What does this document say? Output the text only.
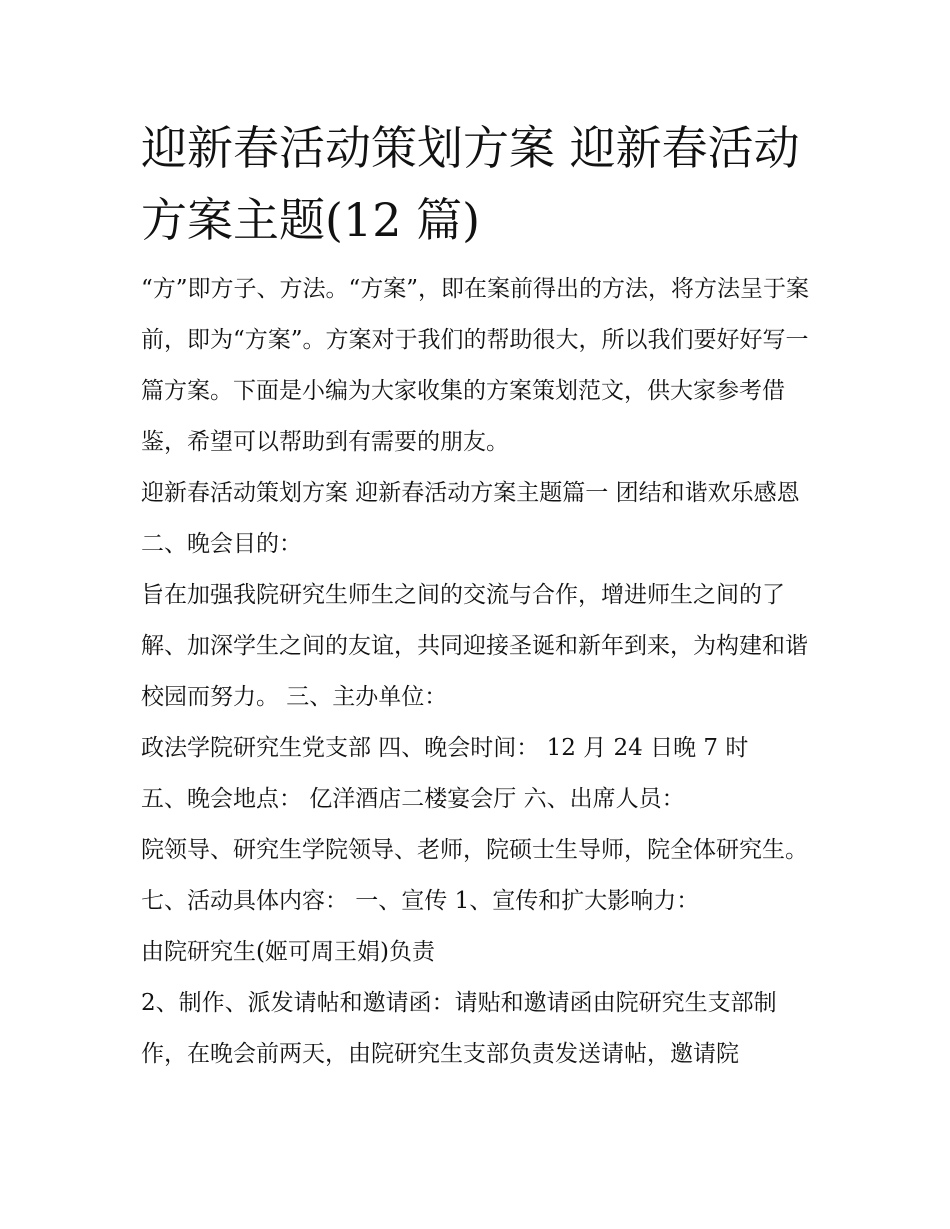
迎新春活动策划方案 迎新春活动方案主题(12 篇)

“方”即方子、方法。“方案”，即在案前得出的方法，将方法呈于案前，即为“方案”。方案对于我们的帮助很大，所以我们要好好写一篇方案。下面是小编为大家收集的方案策划范文，供大家参考借鉴，希望可以帮助到有需要的朋友。

迎新春活动策划方案 迎新春活动方案主题篇一 团结和谐欢乐感恩 二、晚会目的：

旨在加强我院研究生师生之间的交流与合作，增进师生之间的了解、加深学生之间的友谊，共同迎接圣诞和新年到来，为构建和谐校园而努力。 三、主办单位：

政法学院研究生党支部 四、晚会时间： 12 月 24 日晚 7 时

五、晚会地点： 亿洋酒店二楼宴会厅 六、出席人员：

院领导、研究生学院领导、老师，院硕士生导师，院全体研究生。 七、活动具体内容： 一、宣传 1、宣传和扩大影响力：

由院研究生(姬可周王娟)负责

2、制作、派发请帖和邀请函：请贴和邀请函由院研究生支部制作，在晚会前两天，由院研究生支部负责发送请帖，邀请院
